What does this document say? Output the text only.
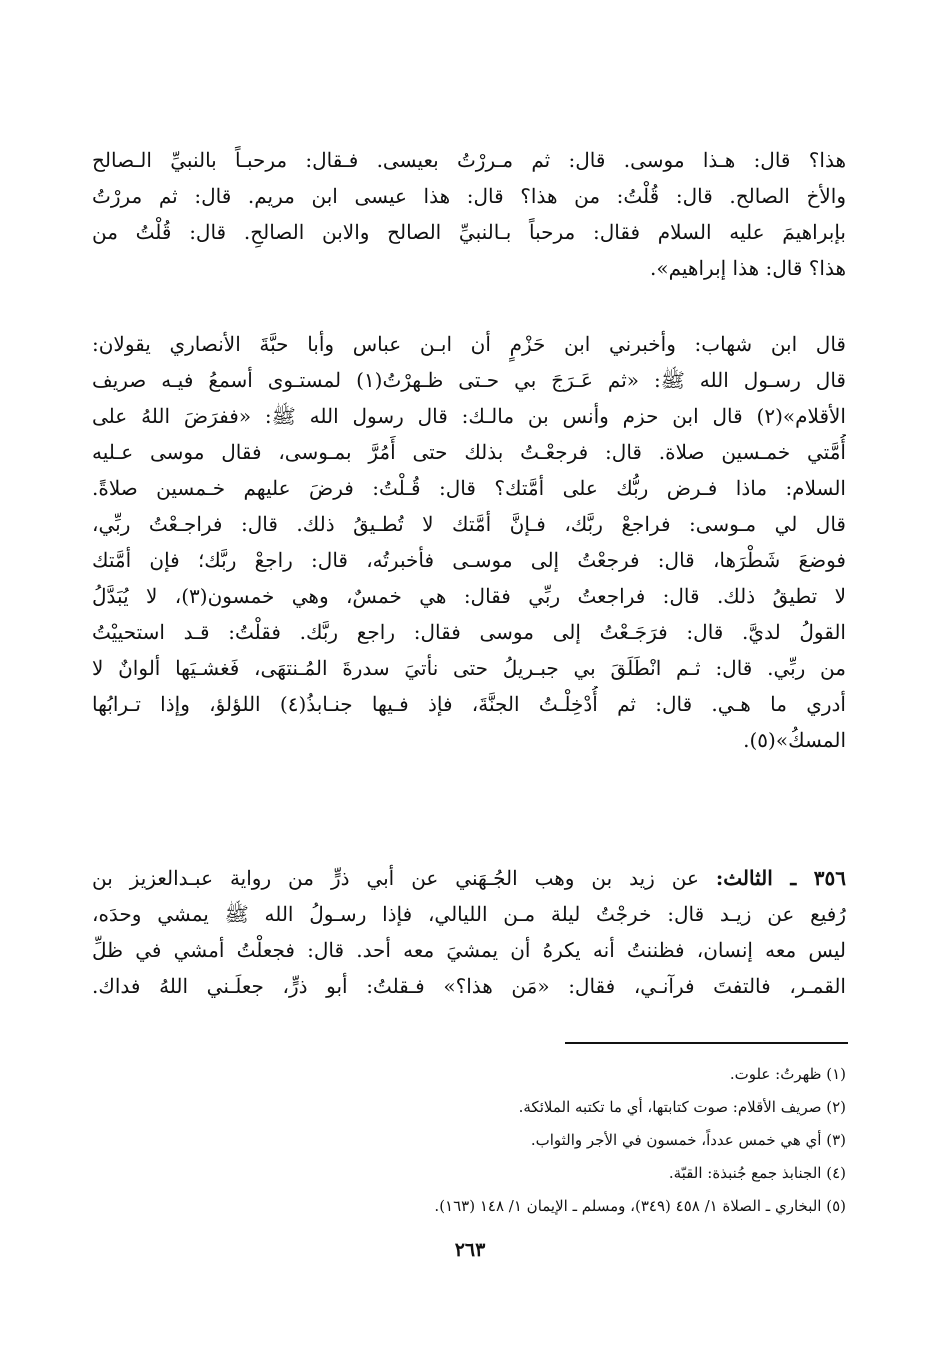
هذا؟ قال: هـذا موسى. قال: ثم مـررْتُ بعيسى. فـقال: مرحبـاً بالنبيِّ الـصالح
والأخ الصالح. قال: قُلْتُ: من هذا؟ قال: هذا عيسى ابن مريم. قال: ثم مررْتُ
بإبراهيمَ عليه السلام فقال: مرحباً بـالنبيِّ الصالح والابن الصالحِ. قال: قُلْتُ من
هذا؟ قال: هذا إبراهيم».
قال ابن شهاب: وأخبرني ابن حَزْمٍ أن ابـن عباس وأبا حبَّةَ الأنصاري يقولان:
قال رسـول الله ﷺ: «ثم عَـرَجَ بي حـتى ظـهرْتُ(١) لمستـوى أسمعُ فيـه صريف
الأقلام»(٢) قال ابن حزم وأنس بن مالـك: قال رسول الله ﷺ: «ففرَضَ اللهُ على
أُمَّتي خمـسين صلاة. قال: فرجعْـتُ بذلك حتى أَمُرَّ بمـوسى، فقال موسى عـليه
السلام: ماذا فـرض ربُّك على أمَّتك؟ قال: قُـلْتُ: فرضَ عليهم خـمسين صلاةً.
قال لي مـوسى: فراجعْ ربَّك، فـإنَّ أمَّتك لا تُطـيقُ ذلك. قال: فراجـعْتُ ربِّي،
فوضعَ شَطْرَها، قال: فرجعْتُ إلى موسـى فأخبرتُه، قال: راجعْ ربَّك؛ فإن أمَّتك
لا تطيقُ ذلك. قال: فراجعتُ ربِّي فقال: هي خمسٌ، وهي خمسون(٣)، لا يُبَدَّلُ
القولُ لديَّ. قال: فرَجَـعْتُ إلى موسى فقال: راجع ربَّك. فقلْتُ: قـد استحييْتُ
من ربِّي. قال: ثـم انْطَلَقَ بي جبـريلُ حتى نأتيَ سدرةَ المُـنتهَى، فَغشـيَها ألوانٌ لا
أدري ما هـي. قال: ثم أُدْخِلْـتُ الجنَّةَ، فإذ فـيها جنـابذُ(٤) اللؤلؤ، وإذا تـرابُها
المسكُ»(٥).
٣٥٦ ـ الثالث: عن زيد بن وهب الجُـهَني عن أبي ذرٍّ من رواية عبـدالعزيز بن
رُفيع عن زيـد قال: خرجْتُ ليلة مـن الليالي، فإذا رسـولُ الله ﷺ يمشي وحدَه،
ليس معه إنسان، فظننتُ أنه يكرهُ أن يمشيَ معه أحد. قال: فجعلْتُ أمشي في ظلِّ
القمـر، فالتفتَ فرآنـي، فقال: «مَن هذا؟» فـقلتُ: أبو ذرٍّ، جعلَـني اللهُ فداك.
(١) ظهرتُ: علوت.
(٢) صريف الأقلام: صوت كتابتها، أي ما تكتبه الملائكة.
(٣) أي هي خمس عدداً، خمسون في الأجر والثواب.
(٤) الجنابذ جمع جُنبذة: القبّة.
(٥) البخاري ـ الصلاة ١/ ٤٥٨ (٣٤٩)، ومسلم ـ الإيمان ١/ ١٤٨ (١٦٣).
٢٦٣
